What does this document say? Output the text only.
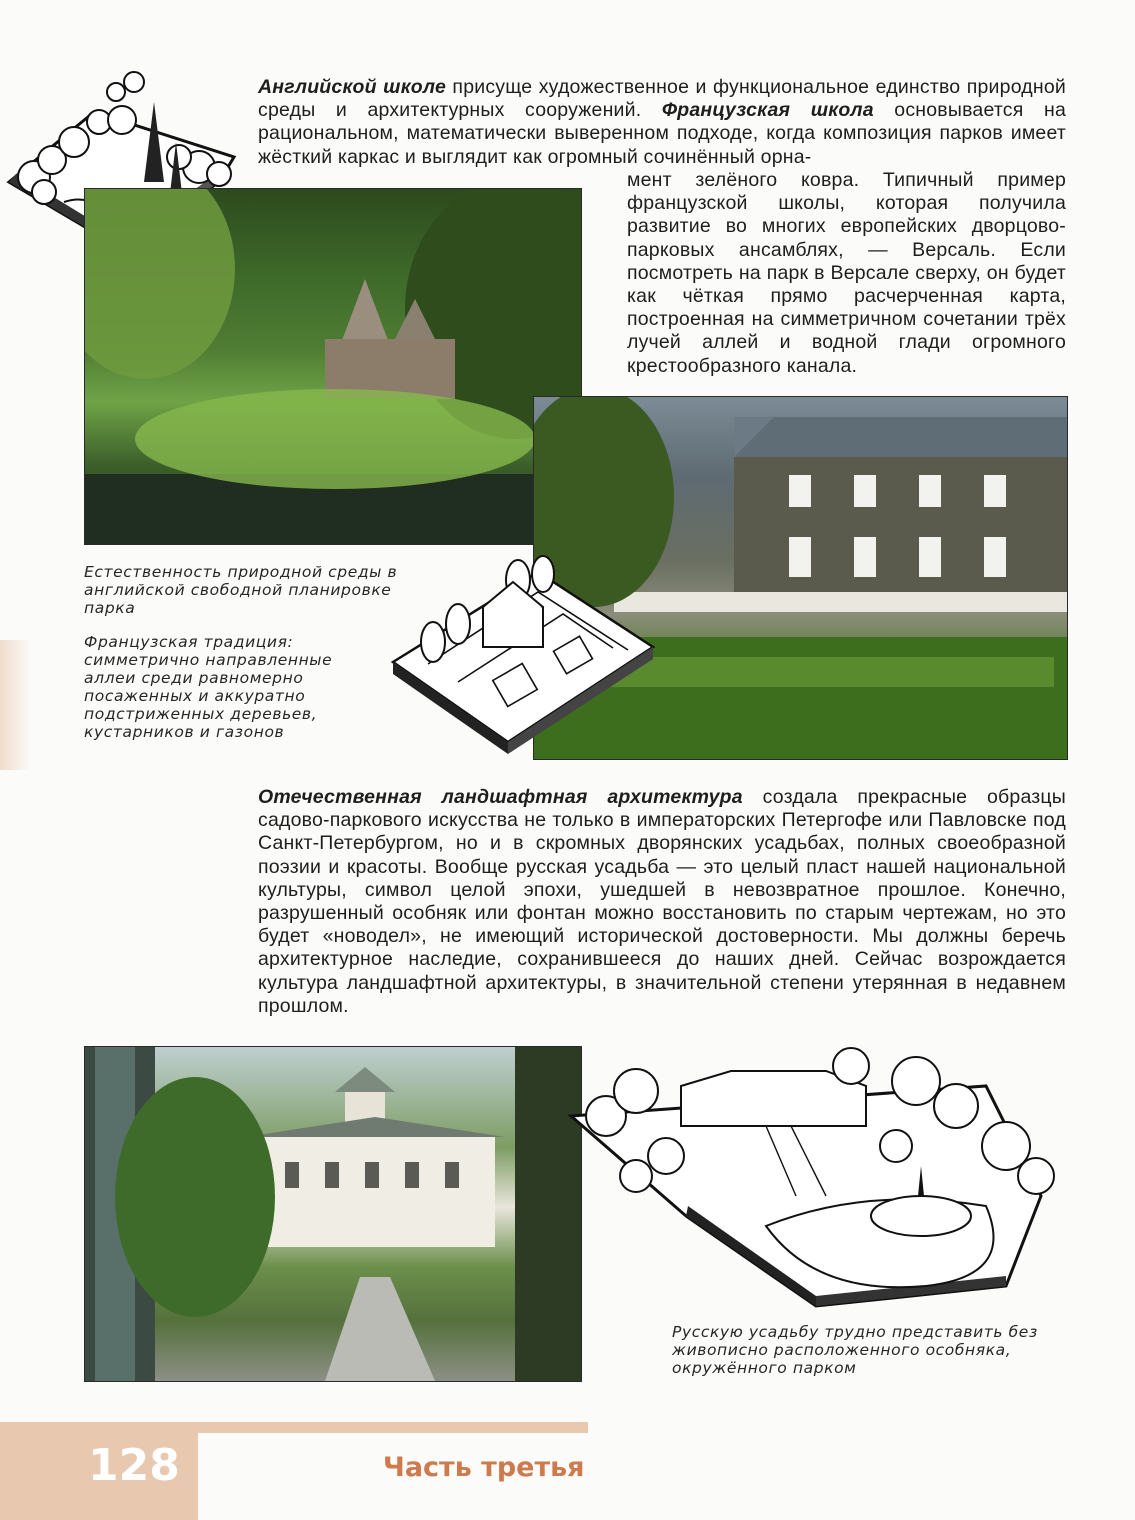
Английской школе присуще художественное и функциональное единство природной среды и архитектурных сооружений. Французская школа основывается на рациональном, математически выверенном подходе, когда композиция парков имеет жёсткий каркас и выглядит как огромный сочинённый орна-

мент зелёного ковра. Типичный пример французской школы, которая получила развитие во многих европейских дворцово-парковых ансамблях, — Версаль. Если посмотреть на парк в Версале сверху, он будет как чёткая прямо расчерченная карта, построенная на симметричном сочетании трёх лучей аллей и водной глади огромного крестообразного канала.

Естественность природной среды в английской свободной планировке парка

Французская традиция: симметрично направленные аллеи среди равномерно посаженных и аккуратно подстриженных деревьев, кустарников и газонов

Отечественная ландшафтная архитектура создала прекрасные образцы садово-паркового искусства не только в императорских Петергофе или Павловске под Санкт-Петербургом, но и в скромных дворянских усадьбах, полных своеобразной поэзии и красоты. Вообще русская усадьба — это целый пласт нашей национальной культуры, символ целой эпохи, ушедшей в невозвратное прошлое. Конечно, разрушенный особняк или фонтан можно восстановить по старым чертежам, но это будет «новодел», не имеющий исторической достоверности. Мы должны беречь архитектурное наследие, сохранившееся до наших дней. Сейчас возрождается культура ландшафтной архитектуры, в значительной степени утерянная в недавнем прошлом.

Русскую усадьбу трудно представить без живописно расположенного особняка, окружённого парком

128	Часть третья
